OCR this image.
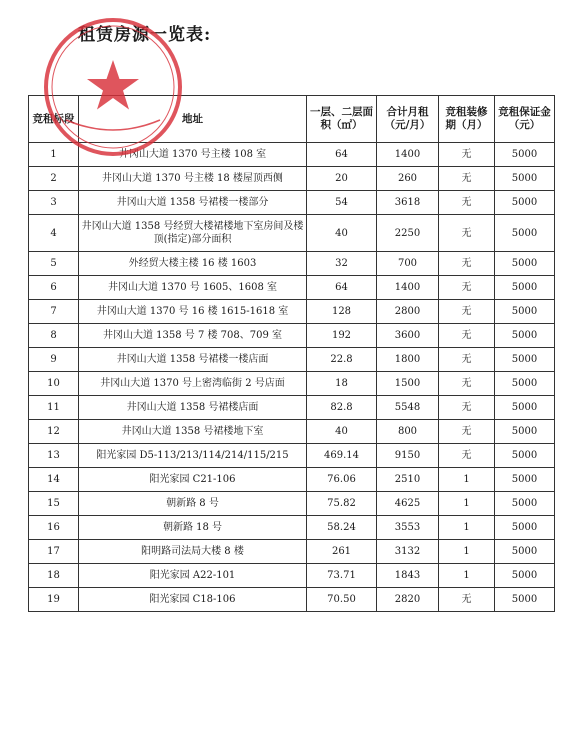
租赁房源一览表:
竞租标段	地址	一层、二层面积（㎡）	合计月租（元/月）	竞租装修期（月）	竞租保证金（元）
1	井冈山大道 1370 号主楼 108 室	64	1400	无	5000
2	井冈山大道 1370 号主楼 18 楼屋顶西侧	20	260	无	5000
3	井冈山大道 1358 号裙楼一楼部分	54	3618	无	5000
4	井冈山大道 1358 号经贸大楼裙楼地下室房间及楼顶(指定)部分面积	40	2250	无	5000
5	外经贸大楼主楼 16 楼 1603	32	700	无	5000
6	井冈山大道 1370 号 1605、1608 室	64	1400	无	5000
7	井冈山大道 1370 号 16 楼 1615-1618 室	128	2800	无	5000
8	井冈山大道 1358 号 7 楼 708、709 室	192	3600	无	5000
9	井冈山大道 1358 号裙楼一楼店面	22.8	1800	无	5000
10	井冈山大道 1370 号上密湾临街 2 号店面	18	1500	无	5000
11	井冈山大道 1358 号裙楼店面	82.8	5548	无	5000
12	井冈山大道 1358 号裙楼地下室	40	800	无	5000
13	阳光家园 D5-113/213/114/214/115/215	469.14	9150	无	5000
14	阳光家园 C21-106	76.06	2510	1	5000
15	朝新路 8 号	75.82	4625	1	5000
16	朝新路 18 号	58.24	3553	1	5000
17	阳明路司法局大楼 8 楼	261	3132	1	5000
18	阳光家园 A22-101	73.71	1843	1	5000
19	阳光家园 C18-106	70.50	2820	无	5000
